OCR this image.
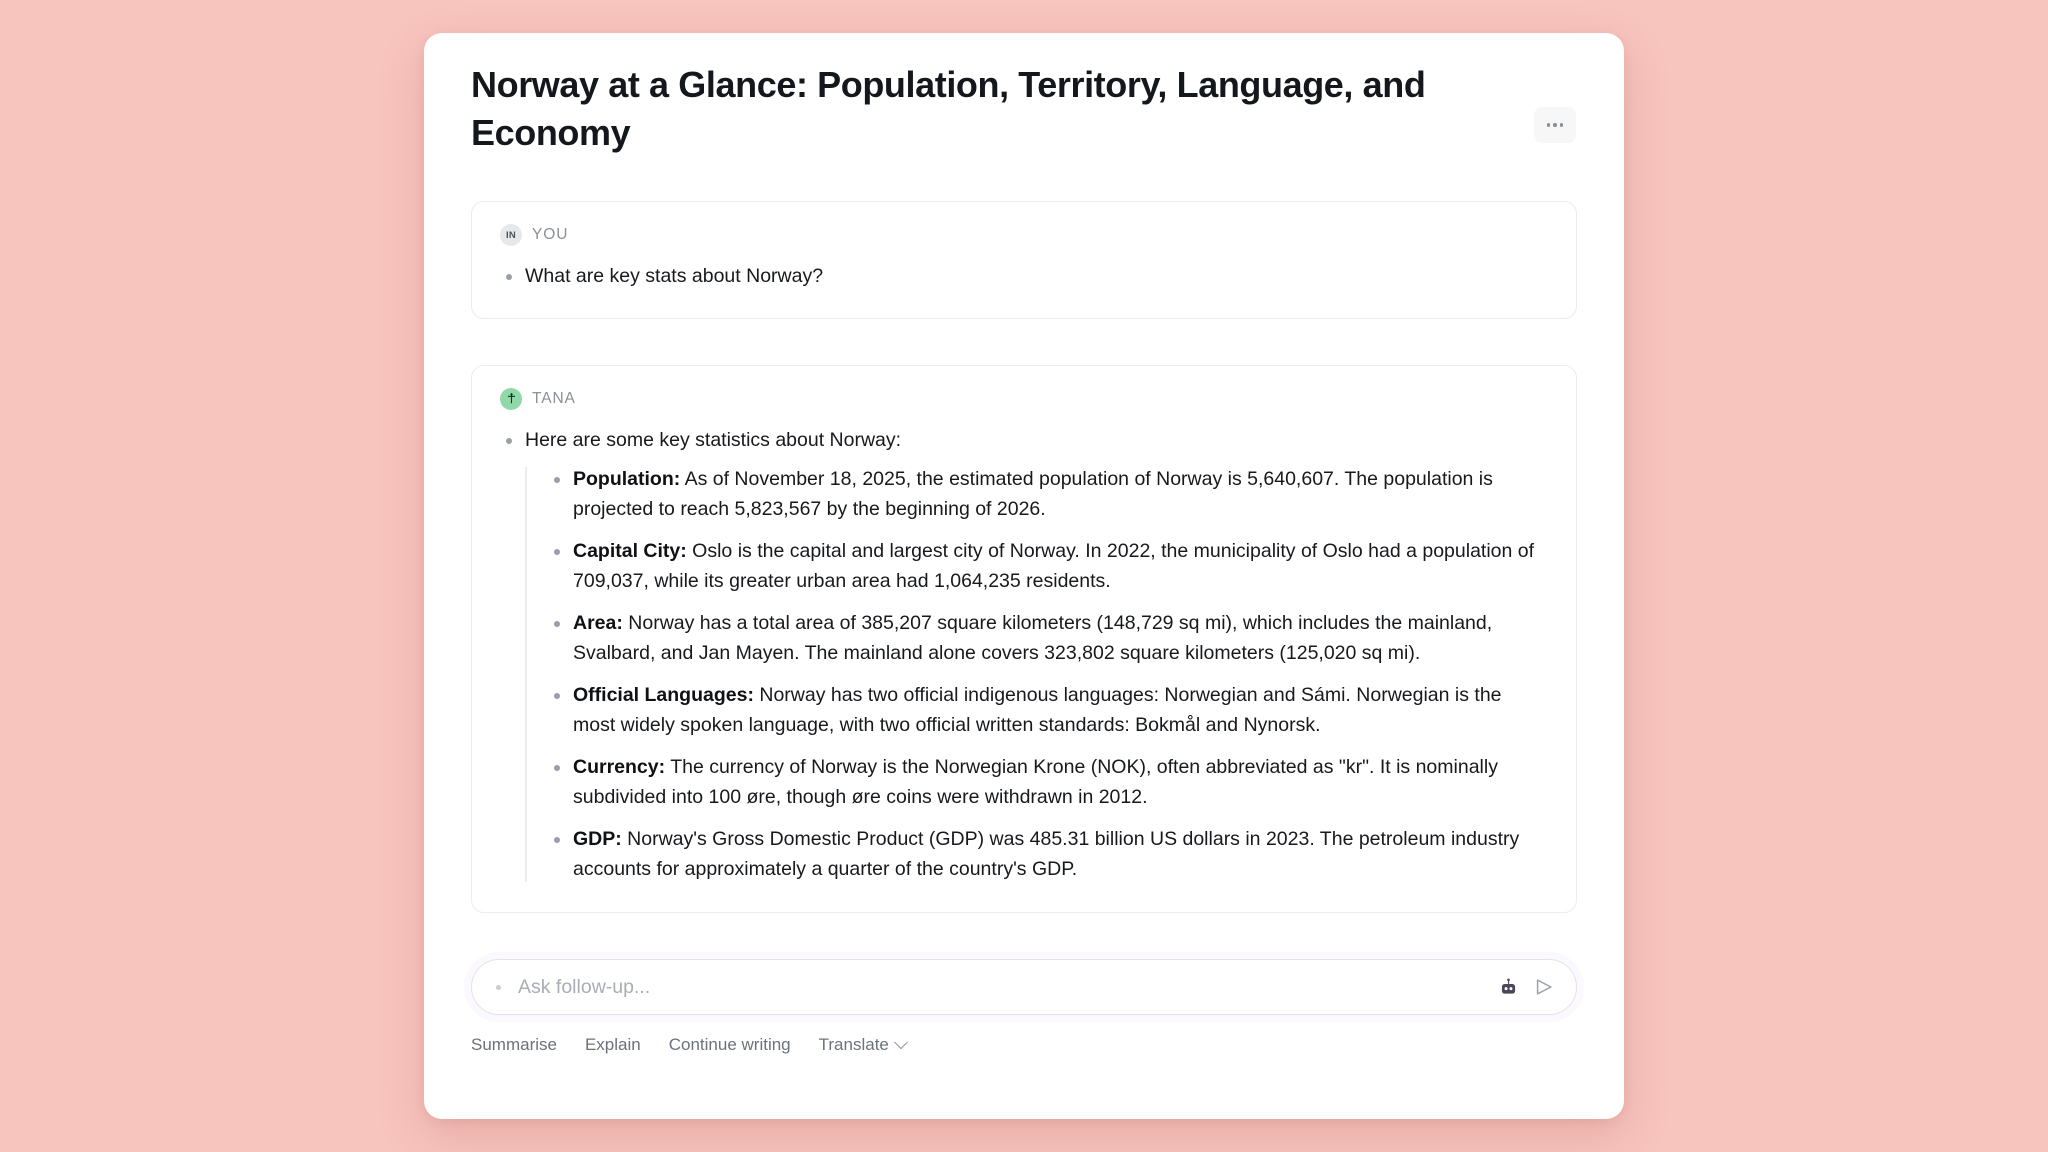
Norway at a Glance: Population, Territory, Language, and Economy
IN	YOU
What are key stats about Norway?
TANA
Here are some key statistics about Norway:
Population: As of November 18, 2025, the estimated population of Norway is 5,640,607. The population is projected to reach 5,823,567 by the beginning of 2026.
Capital City: Oslo is the capital and largest city of Norway. In 2022, the municipality of Oslo had a population of 709,037, while its greater urban area had 1,064,235 residents.
Area: Norway has a total area of 385,207 square kilometers (148,729 sq mi), which includes the mainland, Svalbard, and Jan Mayen. The mainland alone covers 323,802 square kilometers (125,020 sq mi).
Official Languages: Norway has two official indigenous languages: Norwegian and Sámi. Norwegian is the most widely spoken language, with two official written standards: Bokmål and Nynorsk.
Currency: The currency of Norway is the Norwegian Krone (NOK), often abbreviated as "kr". It is nominally subdivided into 100 øre, though øre coins were withdrawn in 2012.
GDP: Norway's Gross Domestic Product (GDP) was 485.31 billion US dollars in 2023. The petroleum industry accounts for approximately a quarter of the country's GDP.
Ask follow-up...
Summarise Explain Continue writing Translate
